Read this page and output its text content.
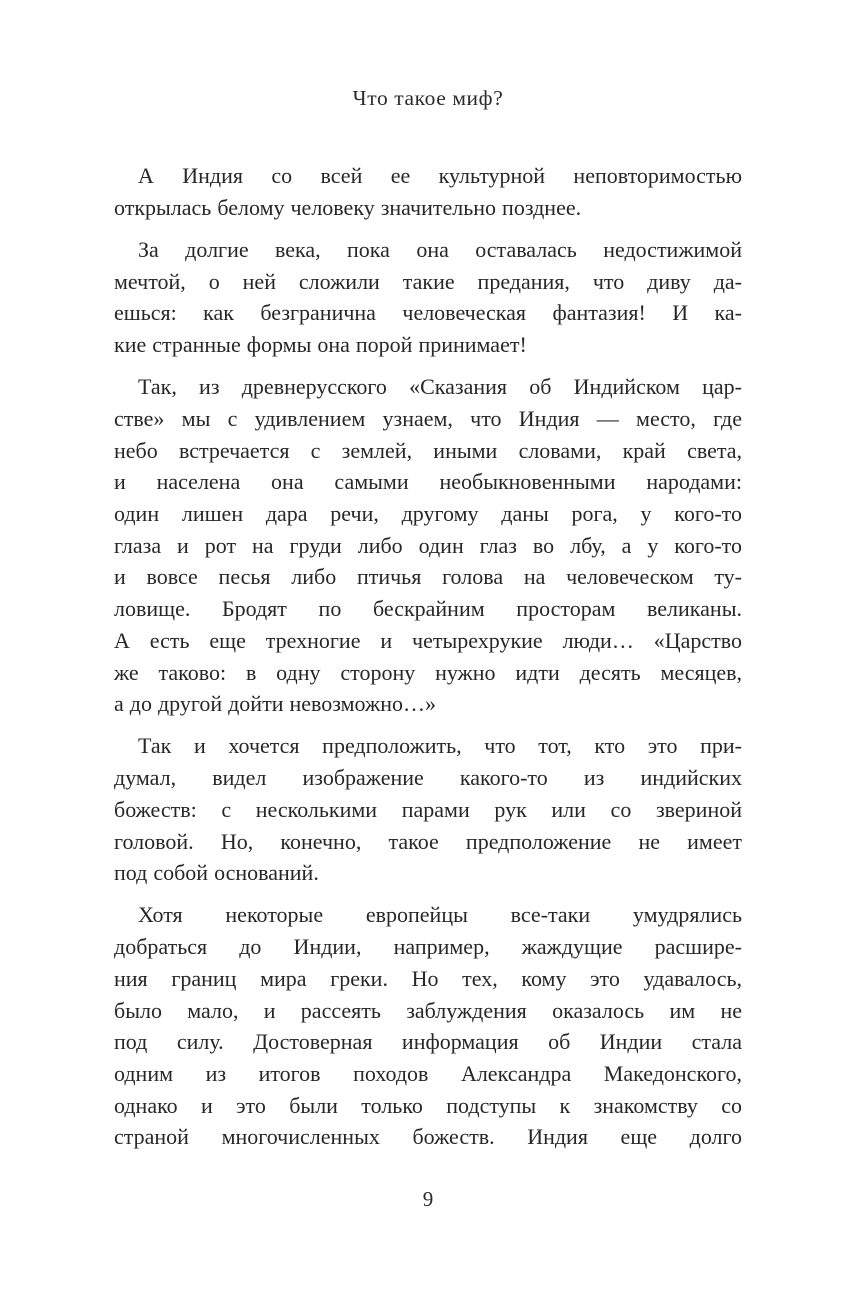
Что такое миф?
А Индия со всей ее культурной неповторимостью
открылась белому человеку значительно позднее.
За долгие века, пока она оставалась недостижимой
мечтой, о ней сложили такие предания, что диву да-
ешься: как безгранична человеческая фантазия! И ка-
кие странные формы она порой принимает!
Так, из древнерусского «Сказания об Индийском цар-
стве» мы с удивлением узнаем, что Индия — место, где
небо встречается с землей, иными словами, край света,
и населена она самыми необыкновенными народами:
один лишен дара речи, другому даны рога, у кого-то
глаза и рот на груди либо один глаз во лбу, а у кого-то
и вовсе песья либо птичья голова на человеческом ту-
ловище. Бродят по бескрайним просторам великаны.
А есть еще трехногие и четырехрукие люди… «Царство
же таково: в одну сторону нужно идти десять месяцев,
а до другой дойти невозможно…»
Так и хочется предположить, что тот, кто это при-
думал, видел изображение какого-то из индийских
божеств: с несколькими парами рук или со звериной
головой. Но, конечно, такое предположение не имеет
под собой оснований.
Хотя некоторые европейцы все-таки умудрялись
добраться до Индии, например, жаждущие расшире-
ния границ мира греки. Но тех, кому это удавалось,
было мало, и рассеять заблуждения оказалось им не
под силу. Достоверная информация об Индии стала
одним из итогов походов Александра Македонского,
однако и это были только подступы к знакомству со
страной многочисленных божеств. Индия еще долго
9
